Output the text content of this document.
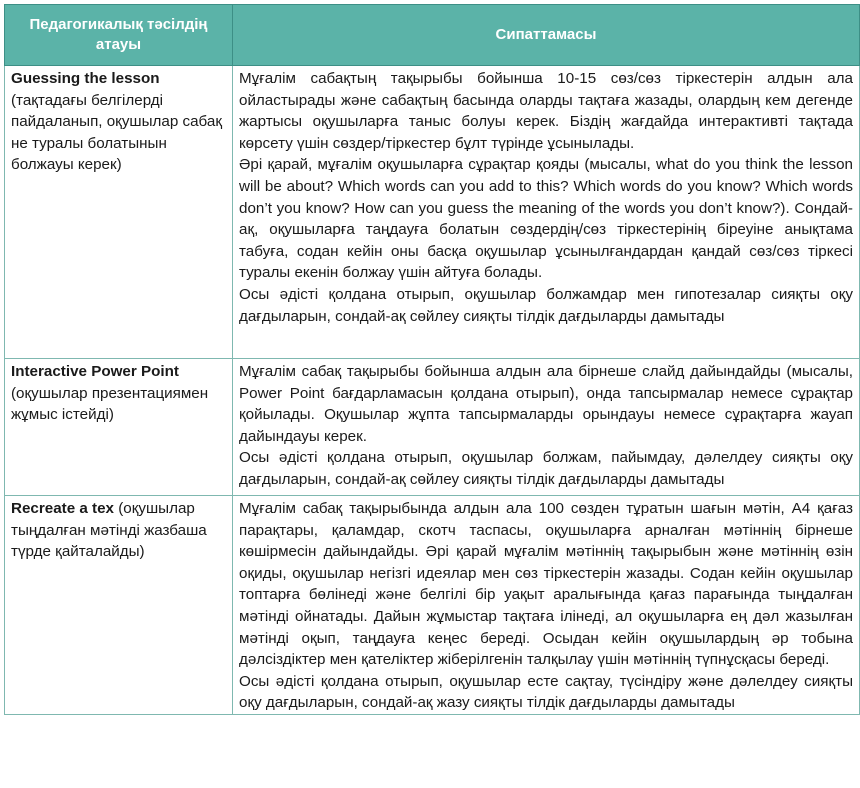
Педагогикалық тәсілдің атауы	Сипаттамасы
Guessing the lesson (тақтадағы белгілерді пайдаланып, оқушылар сабақ не туралы болатынын болжауы керек)	Мұғалім сабақтың тақырыбы бойынша 10-15 сөз/сөз тіркестерін алдын ала ойластырады және сабақтың басында оларды тақтаға жазады, олардың кем дегенде жартысы оқушыларға таныс болуы керек. Біздің жағдайда интерактивті тақтада көрсету үшін сөздер/тіркестер бұлт түрінде ұсынылады.
Әрі қарай, мұғалім оқушыларға сұрақтар қояды (мысалы, what do you think the lesson will be about? Which words can you add to this? Which words do you know? Which words don’t you know? How can you guess the meaning of the words you don’t know?). Сондай-ақ, оқушыларға таңдауға болатын сөздердің/сөз тіркестерінің біреуіне анықтама табуға, содан кейін оны басқа оқушылар ұсынылғандардан қандай сөз/сөз тіркесі туралы екенін болжау үшін айтуға болады.
Осы әдісті қолдана отырып, оқушылар болжамдар мен гипотезалар сияқты оқу дағдыларын, сондай-ақ сөйлеу сияқты тілдік дағдыларды дамытады

Interactive Power Point (оқушылар презентациямен жұмыс істейді)	Мұғалім сабақ тақырыбы бойынша алдын ала бірнеше слайд дайындайды (мысалы, Power Point бағдарламасын қолдана отырып), онда тапсырмалар немесе сұрақтар қойылады. Оқушылар жұпта тапсырмаларды орындауы немесе сұрақтарға жауап дайындауы керек.
Осы әдісті қолдана отырып, оқушылар болжам, пайымдау, дәлелдеу сияқты оқу дағдыларын, сондай-ақ сөйлеу сияқты тілдік дағдыларды дамытады

Recreate a tex (оқушылар тыңдалған мәтінді жазбаша түрде қайталайды)	Мұғалім сабақ тақырыбында алдын ала 100 сөзден тұратын шағын мәтін, А4 қағаз парақтары, қаламдар, скотч таспасы, оқушыларға арналған мәтіннің бірнеше көшірмесін дайындайды. Әрі қарай мұғалім мәтіннің тақырыбын және мәтіннің өзін оқиды, оқушылар негізгі идеялар мен сөз тіркестерін жазады. Содан кейін оқушылар топтарға бөлінеді және белгілі бір уақыт аралығында қағаз парағында тыңдалған мәтінді ойнатады. Дайын жұмыстар тақтаға ілінеді, ал оқушыларға ең дәл жазылған мәтінді оқып, таңдауға кеңес береді. Осыдан кейін оқушылардың әр тобына дәлсіздіктер мен қателіктер жіберілгенін талқылау үшін мәтіннің түпнұсқасы береді.
Осы әдісті қолдана отырып, оқушылар есте сақтау, түсіндіру және дәлелдеу сияқты оқу дағдыларын, сондай-ақ жазу сияқты тілдік дағдыларды дамытады
